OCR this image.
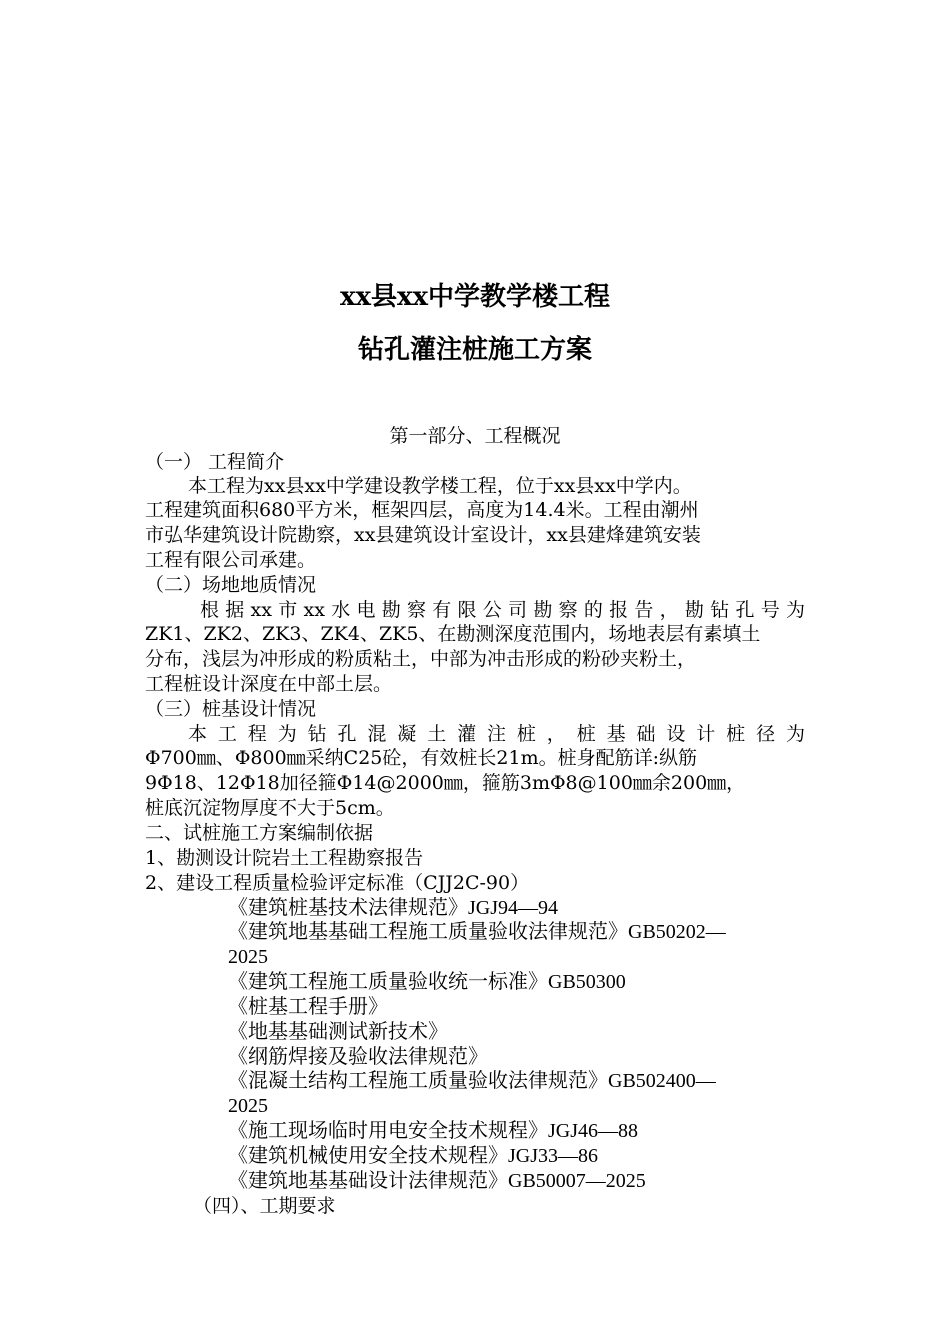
xx县xx中学教学楼工程
钻孔灌注桩施工方案
第一部分、工程概况
（一） 工程简介
本工程为xx县xx中学建设教学楼工程，位于xx县xx中学内。
工程建筑面积680平方米，框架四层，高度为14.4米。工程由潮州
市弘华建筑设计院勘察，xx县建筑设计室设计，xx县建烽建筑安装
工程有限公司承建。
（二）场地地质情况
根据xx市xx水电勘察有限公司勘察的报告，勘钻孔号为
ZK1、ZK2、ZK3、ZK4、ZK5、在勘测深度范围内，场地表层有素填土
分布，浅层为冲形成的粉质粘土，中部为冲击形成的粉砂夹粉土，
工程桩设计深度在中部土层。
（三）桩基设计情况
本工程为钻孔混凝土灌注桩，桩基础设计桩径为
Φ700㎜、Φ800㎜采纳C25砼，有效桩长21m。桩身配筋详:纵筋
9Φ18、12Φ18加径箍Φ14@2000㎜，箍筋3mΦ8@100㎜余200㎜，
桩底沉淀物厚度不大于5cm。
二、试桩施工方案编制依据
1、勘测设计院岩土工程勘察报告
2、建设工程质量检验评定标准（CJJ2C-90）
《建筑桩基技术法律规范》JGJ94—94
《建筑地基基础工程施工质量验收法律规范》GB50202—
2025
《建筑工程施工质量验收统一标准》GB50300
《桩基工程手册》
《地基基础测试新技术》
《纲筋焊接及验收法律规范》
《混凝土结构工程施工质量验收法律规范》GB502400—
2025
《施工现场临时用电安全技术规程》JGJ46—88
《建筑机械使用安全技术规程》JGJ33—86
《建筑地基基础设计法律规范》GB50007—2025
（四）、工期要求
